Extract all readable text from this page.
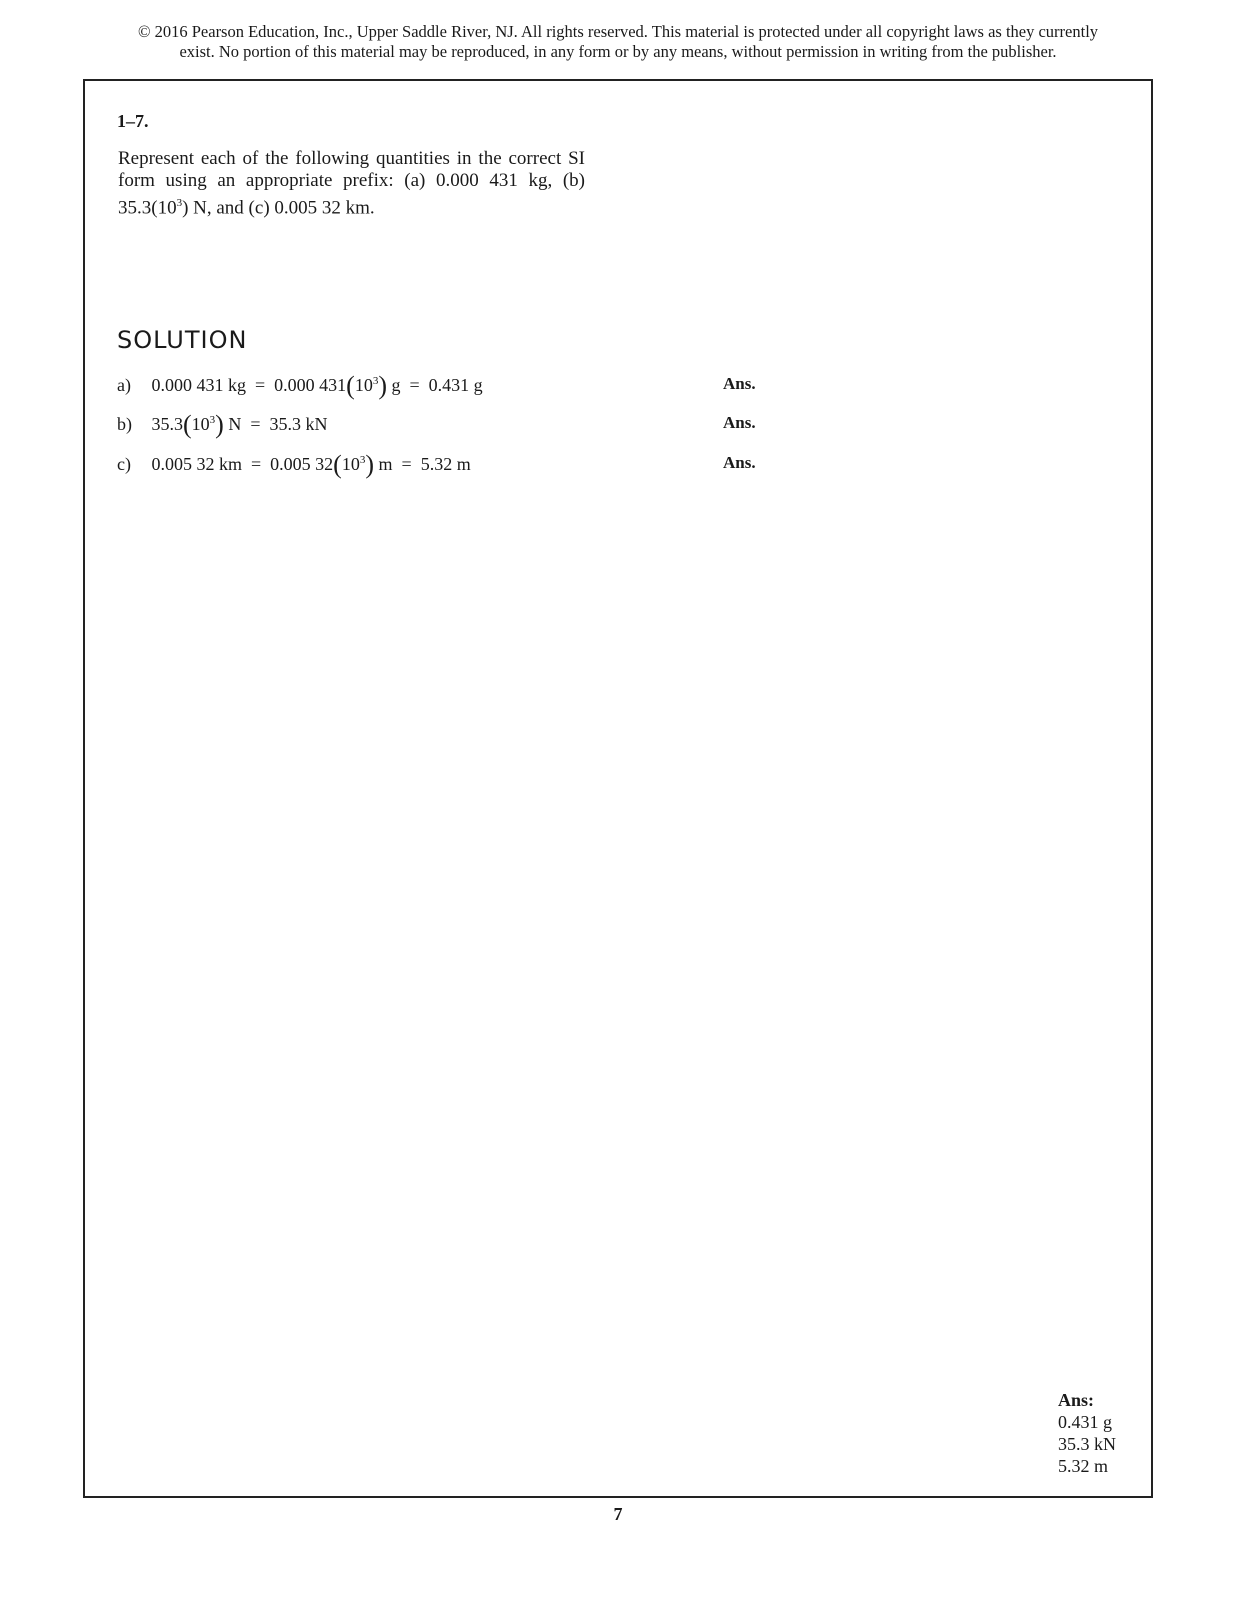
© 2016 Pearson Education, Inc., Upper Saddle River, NJ. All rights reserved. This material is protected under all copyright laws as they currently
exist. No portion of this material may be reproduced, in any form or by any means, without permission in writing from the publisher.
1–7.
Represent each of the following quantities in the correct SI form using an appropriate prefix: (a) 0.000 431 kg, (b) $35.3(10^3)$ N, and (c) 0.005 32 km.
SOLUTION
a) 0.000 431 kg  =  0.000 $431(10^3) g = 0.431$ g	Ans.
b) $35.3(10^3) N = 35.3$ kN	Ans.
c) 0.005 32 km  =  0.005 $32(10^3) m = 5.32$ m	Ans.
Ans:
0.431 g
35.3 kN
5.32 m
7
